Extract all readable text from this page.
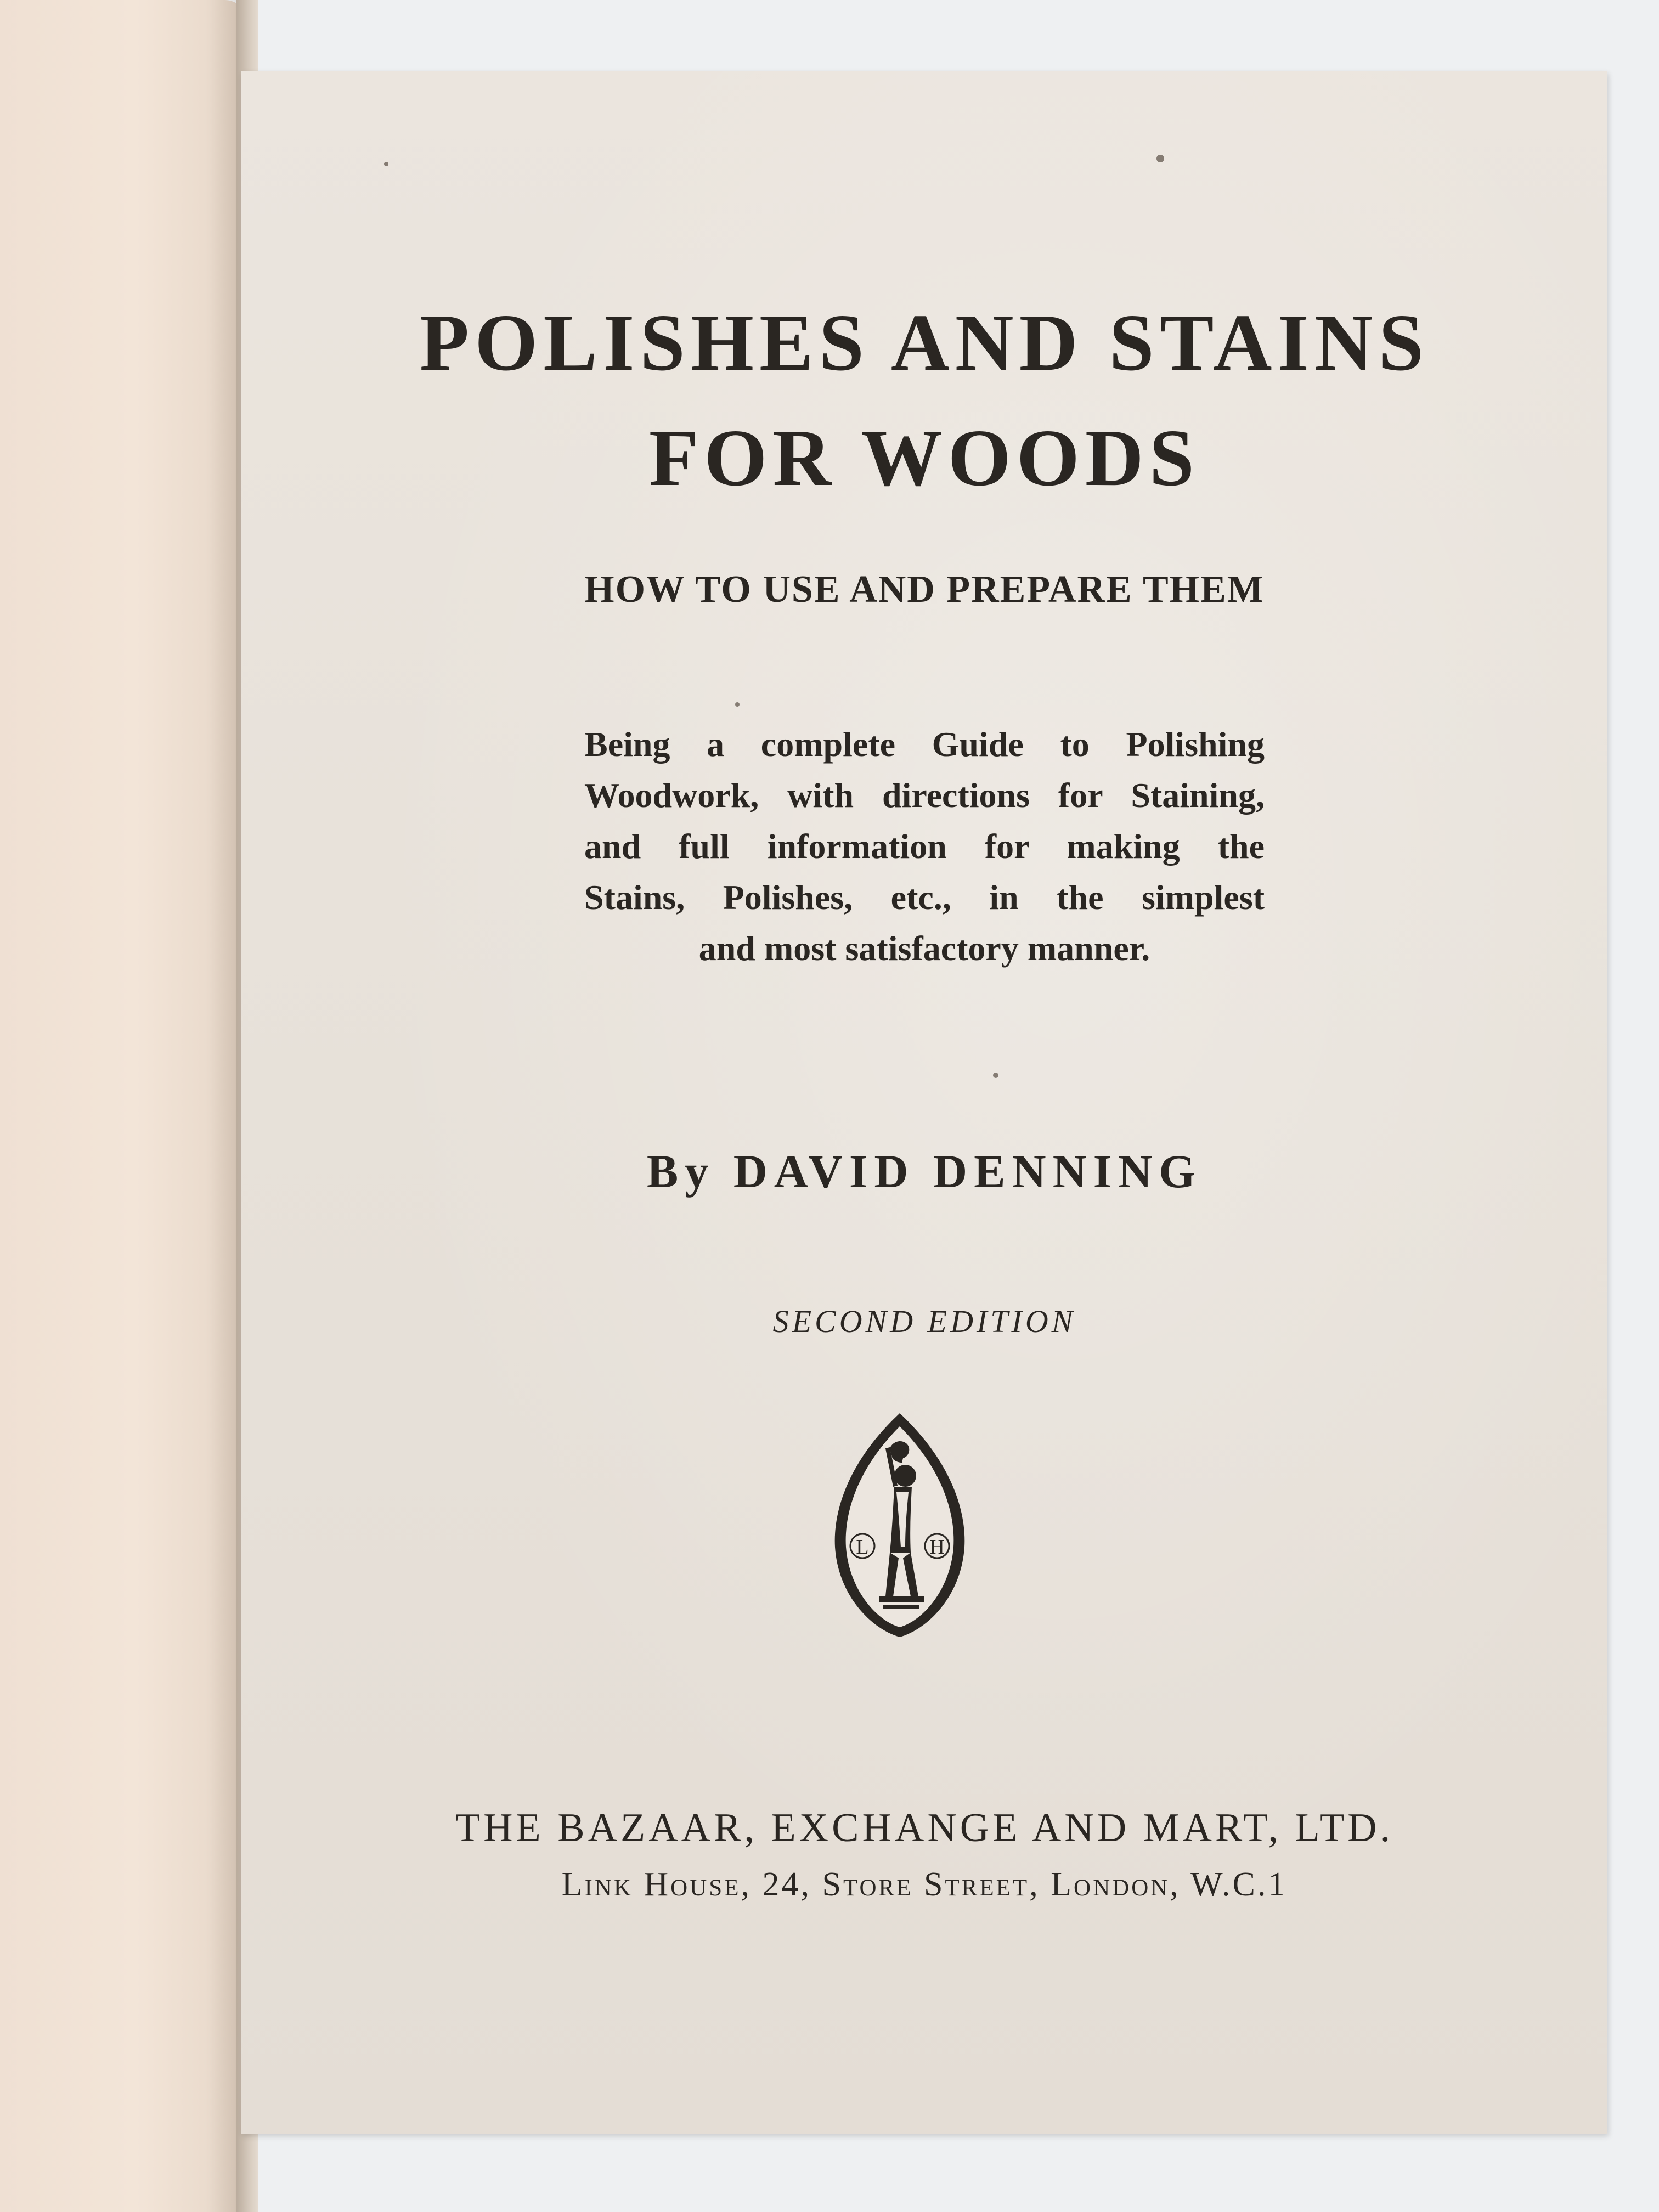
POLISHES AND STAINS
FOR WOODS
HOW TO USE AND PREPARE THEM
Being a complete Guide to Polishing
Woodwork, with directions for Staining,
and full information for making the
Stains, Polishes, etc., in the simplest
and most satisfactory manner.
By DAVID DENNING
SECOND EDITION
L	H
THE BAZAAR, EXCHANGE AND MART, LTD.
Link House, 24, Store Street, London, W.C.1
